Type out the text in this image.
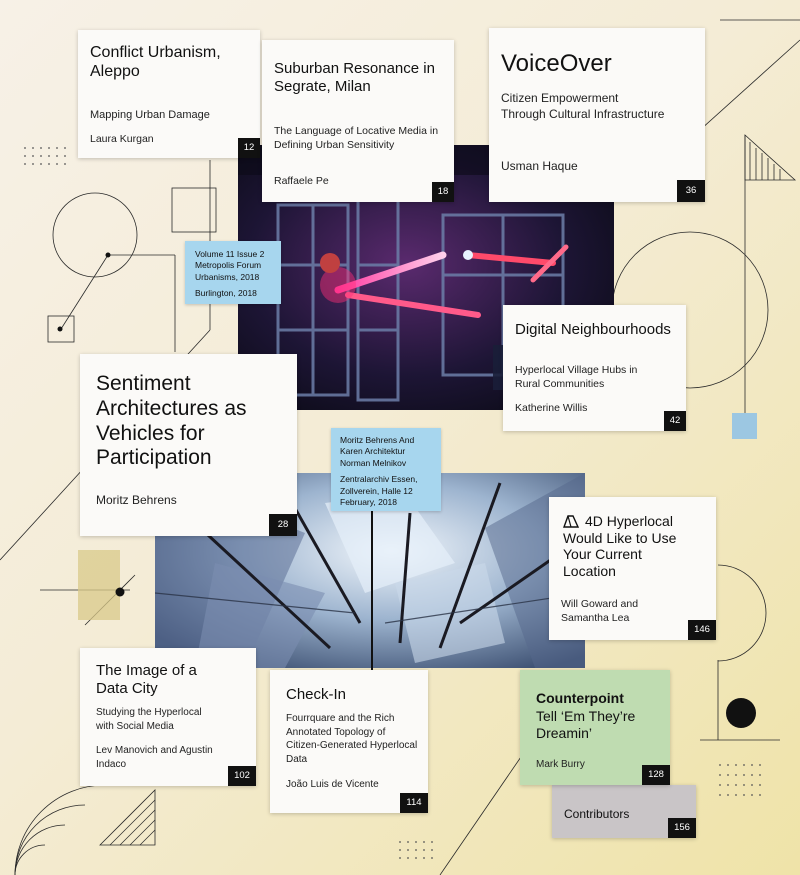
Conflict Urbanism, Aleppo
Mapping Urban Damage
Laura Kurgan
12
Suburban Resonance in Segrate, Milan
The Language of Locative Media in Defining Urban Sensitivity
Raffaele Pe
18
VoiceOver
Citizen Empowerment Through Cultural Infrastructure
Usman Haque
36
Digital Neighbourhoods
Hyperlocal Village Hubs in Rural Communities
Katherine Willis
42
Sentiment Architectures as Vehicles for Participation
Moritz Behrens
28	4D Hyperlocal Would Like to Use Your Current Location
Will Goward and Samantha Lea
146
The Image of a Data City
Studying the Hyperlocal with Social Media
Lev Manovich and Agustin Indaco
102
Check-In
Fourrquare and the Rich Annotated Topology of Citizen-Generated Hyperlocal Data
João Luis de Vicente
114
Contributors
156
Counterpoint
Tell ‘Em They’re Dreamin’
Mark Burry
128

Volume 11 Issue 2

Metropolis Forum Urbanisms, 2018

Burlington, 2018

Moritz Behrens And Karen Architektur Norman Melnikov

Zentralarchiv Essen, Zollverein, Halle 12 February, 2018
